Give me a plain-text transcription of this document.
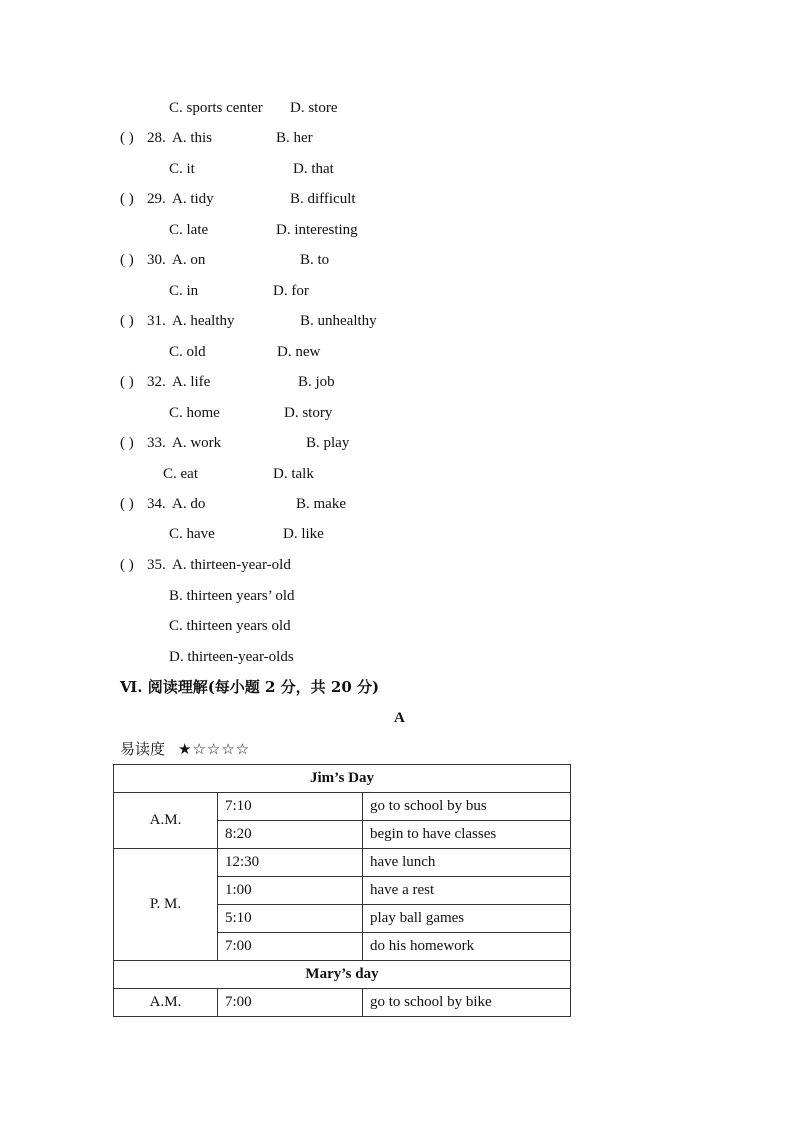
C. sports center D. store
( ) 28. A. this	B. her
C. it	D. that
( ) 29. A. tidy	B. difficult
C. late	D. interesting
( ) 30. A. on	B. to
C. in	D. for
( ) 31. A. healthy	B. unhealthy
C. old	D. new
( ) 32. A. life	B. job
C. home	D. story
( ) 33. A. work	B. play
C. eat	D. talk
( ) 34. A. do	B. make
C. have	D. like
( ) 35. A. thirteen-year-old
B. thirteen years’ old
C. thirteen years old
D. thirteen-year-olds
Ⅵ. 阅读理解(每小题 2 分，共 20 分)
A
易读度 ★☆☆☆☆
Jim’s Day		
A.M.	7:10	go to school by bus
	8:20	begin to have classes
P. M.	12:30	have lunch
	1:00	have a rest
	5:10	play ball games
	7:00	do his homework
Mary’s day		
A.M.	7:00	go to school by bike
